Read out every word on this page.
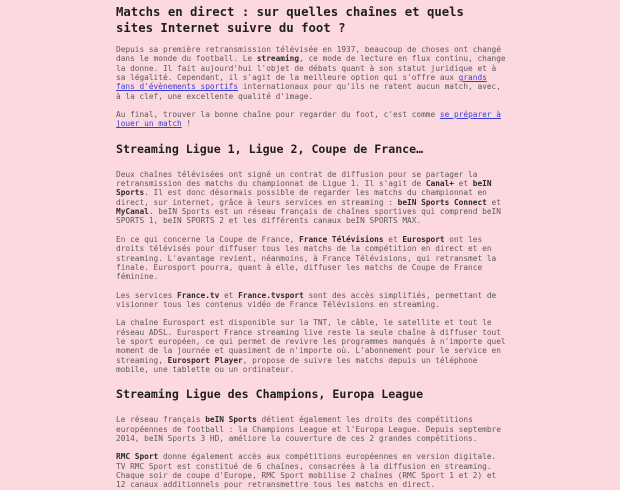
Matchs en direct : sur quelles chaînes et quels sites Internet suivre du foot ?

Depuis sa première retransmission télévisée en 1937, beaucoup de choses ont changé dans le monde du football. Le streaming, ce mode de lecture en flux continu, change la donne. Il fait aujourd'hui l'objet de débats quant à son statut juridique et à sa légalité. Cependant, il s'agit de la meilleure option qui s'offre aux grands fans d'évènements sportifs internationaux pour qu'ils ne ratent aucun match, avec, à la clef, une excellente qualité d'image.

Au final, trouver la bonne chaîne pour regarder du foot, c'est comme se préparer à jouer un match !

Streaming Ligue 1, Ligue 2, Coupe de France…

Deux chaînes télévisées ont signé un contrat de diffusion pour se partager la retransmission des matchs du championnat de Ligue 1. Il s'agit de Canal+ et beIN Sports. Il est donc désormais possible de regarder les matchs du championnat en direct, sur internet, grâce à leurs services en streaming : beIN Sports Connect et MyCanal. beIN Sports est un réseau français de chaînes sportives qui comprend beIN SPORTS 1, beIN SPORTS 2 et les différents canaux beIN SPORTS MAX.

En ce qui concerne la Coupe de France, France Télévisions et Eurosport ont les droits télévisés pour diffuser tous les matchs de la compétition en direct et en streaming. L'avantage revient, néanmoins, à France Télévisions, qui retransmet la finale. Eurosport pourra, quant à elle, diffuser les matchs de Coupe de France féminine.

Les services France.tv et France.tvsport sont des accès simplifiés, permettant de visionner tous les contenus vidéo de France Télévisions en streaming.

La chaîne Eurosport est disponible sur la TNT, le câble, le satellite et tout le réseau ADSL. Eurosport France streaming live reste la seule chaîne à diffuser tout le sport européen, ce qui permet de revivre les programmes manqués à n'importe quel moment de la journée et quasiment de n'importe où. L'abonnement pour le service en streaming, Eurosport Player, propose de suivre les matchs depuis un téléphone mobile, une tablette ou un ordinateur.

Streaming Ligue des Champions, Europa League

Le réseau français beIN Sports détient également les droits des compétitions européennes de football : la Champions League et l'Europa League. Depuis septembre 2014, beIN Sports 3 HD, améliore la couverture de ces 2 grandes compétitions.

RMC Sport donne également accès aux compétitions européennes en version digitale. TV RMC Sport est constitué de 6 chaînes, consacrées à la diffusion en streaming. Chaque soir de coupe d'Europe, RMC Sport mobilise 2 chaînes (RMC Sport 1 et 2) et 12 canaux additionnels pour retransmettre tous les matchs en direct.
